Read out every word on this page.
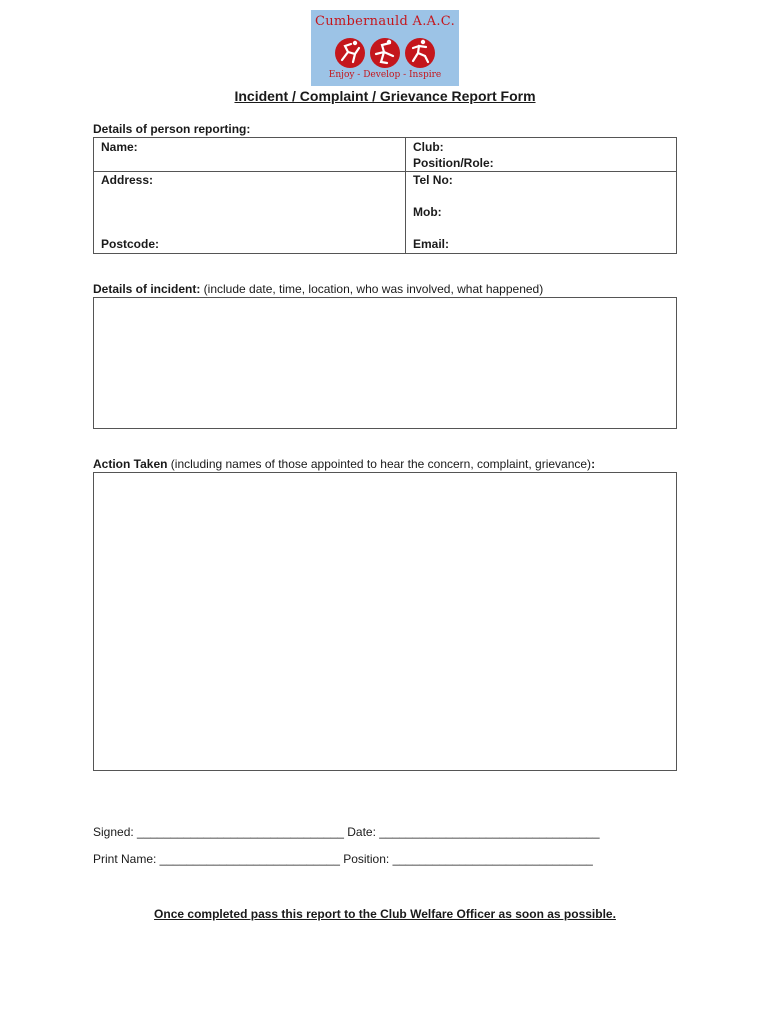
Cumbernauld A.A.C.
Enjoy - Develop - Inspire
Incident / Complaint / Grievance Report Form
Details of person reporting:
Name:	Club:
Position/Role:
Address:	Tel No:
Mob:
Postcode:	Email:
Details of incident: (include date, time, location, who was involved, what happened)
Action Taken (including names of those appointed to hear the concern, complaint, grievance):
Signed: _______________________________ Date: _________________________________
Print Name: ___________________________ Position: ______________________________
Once completed pass this report to the Club Welfare Officer as soon as possible.
